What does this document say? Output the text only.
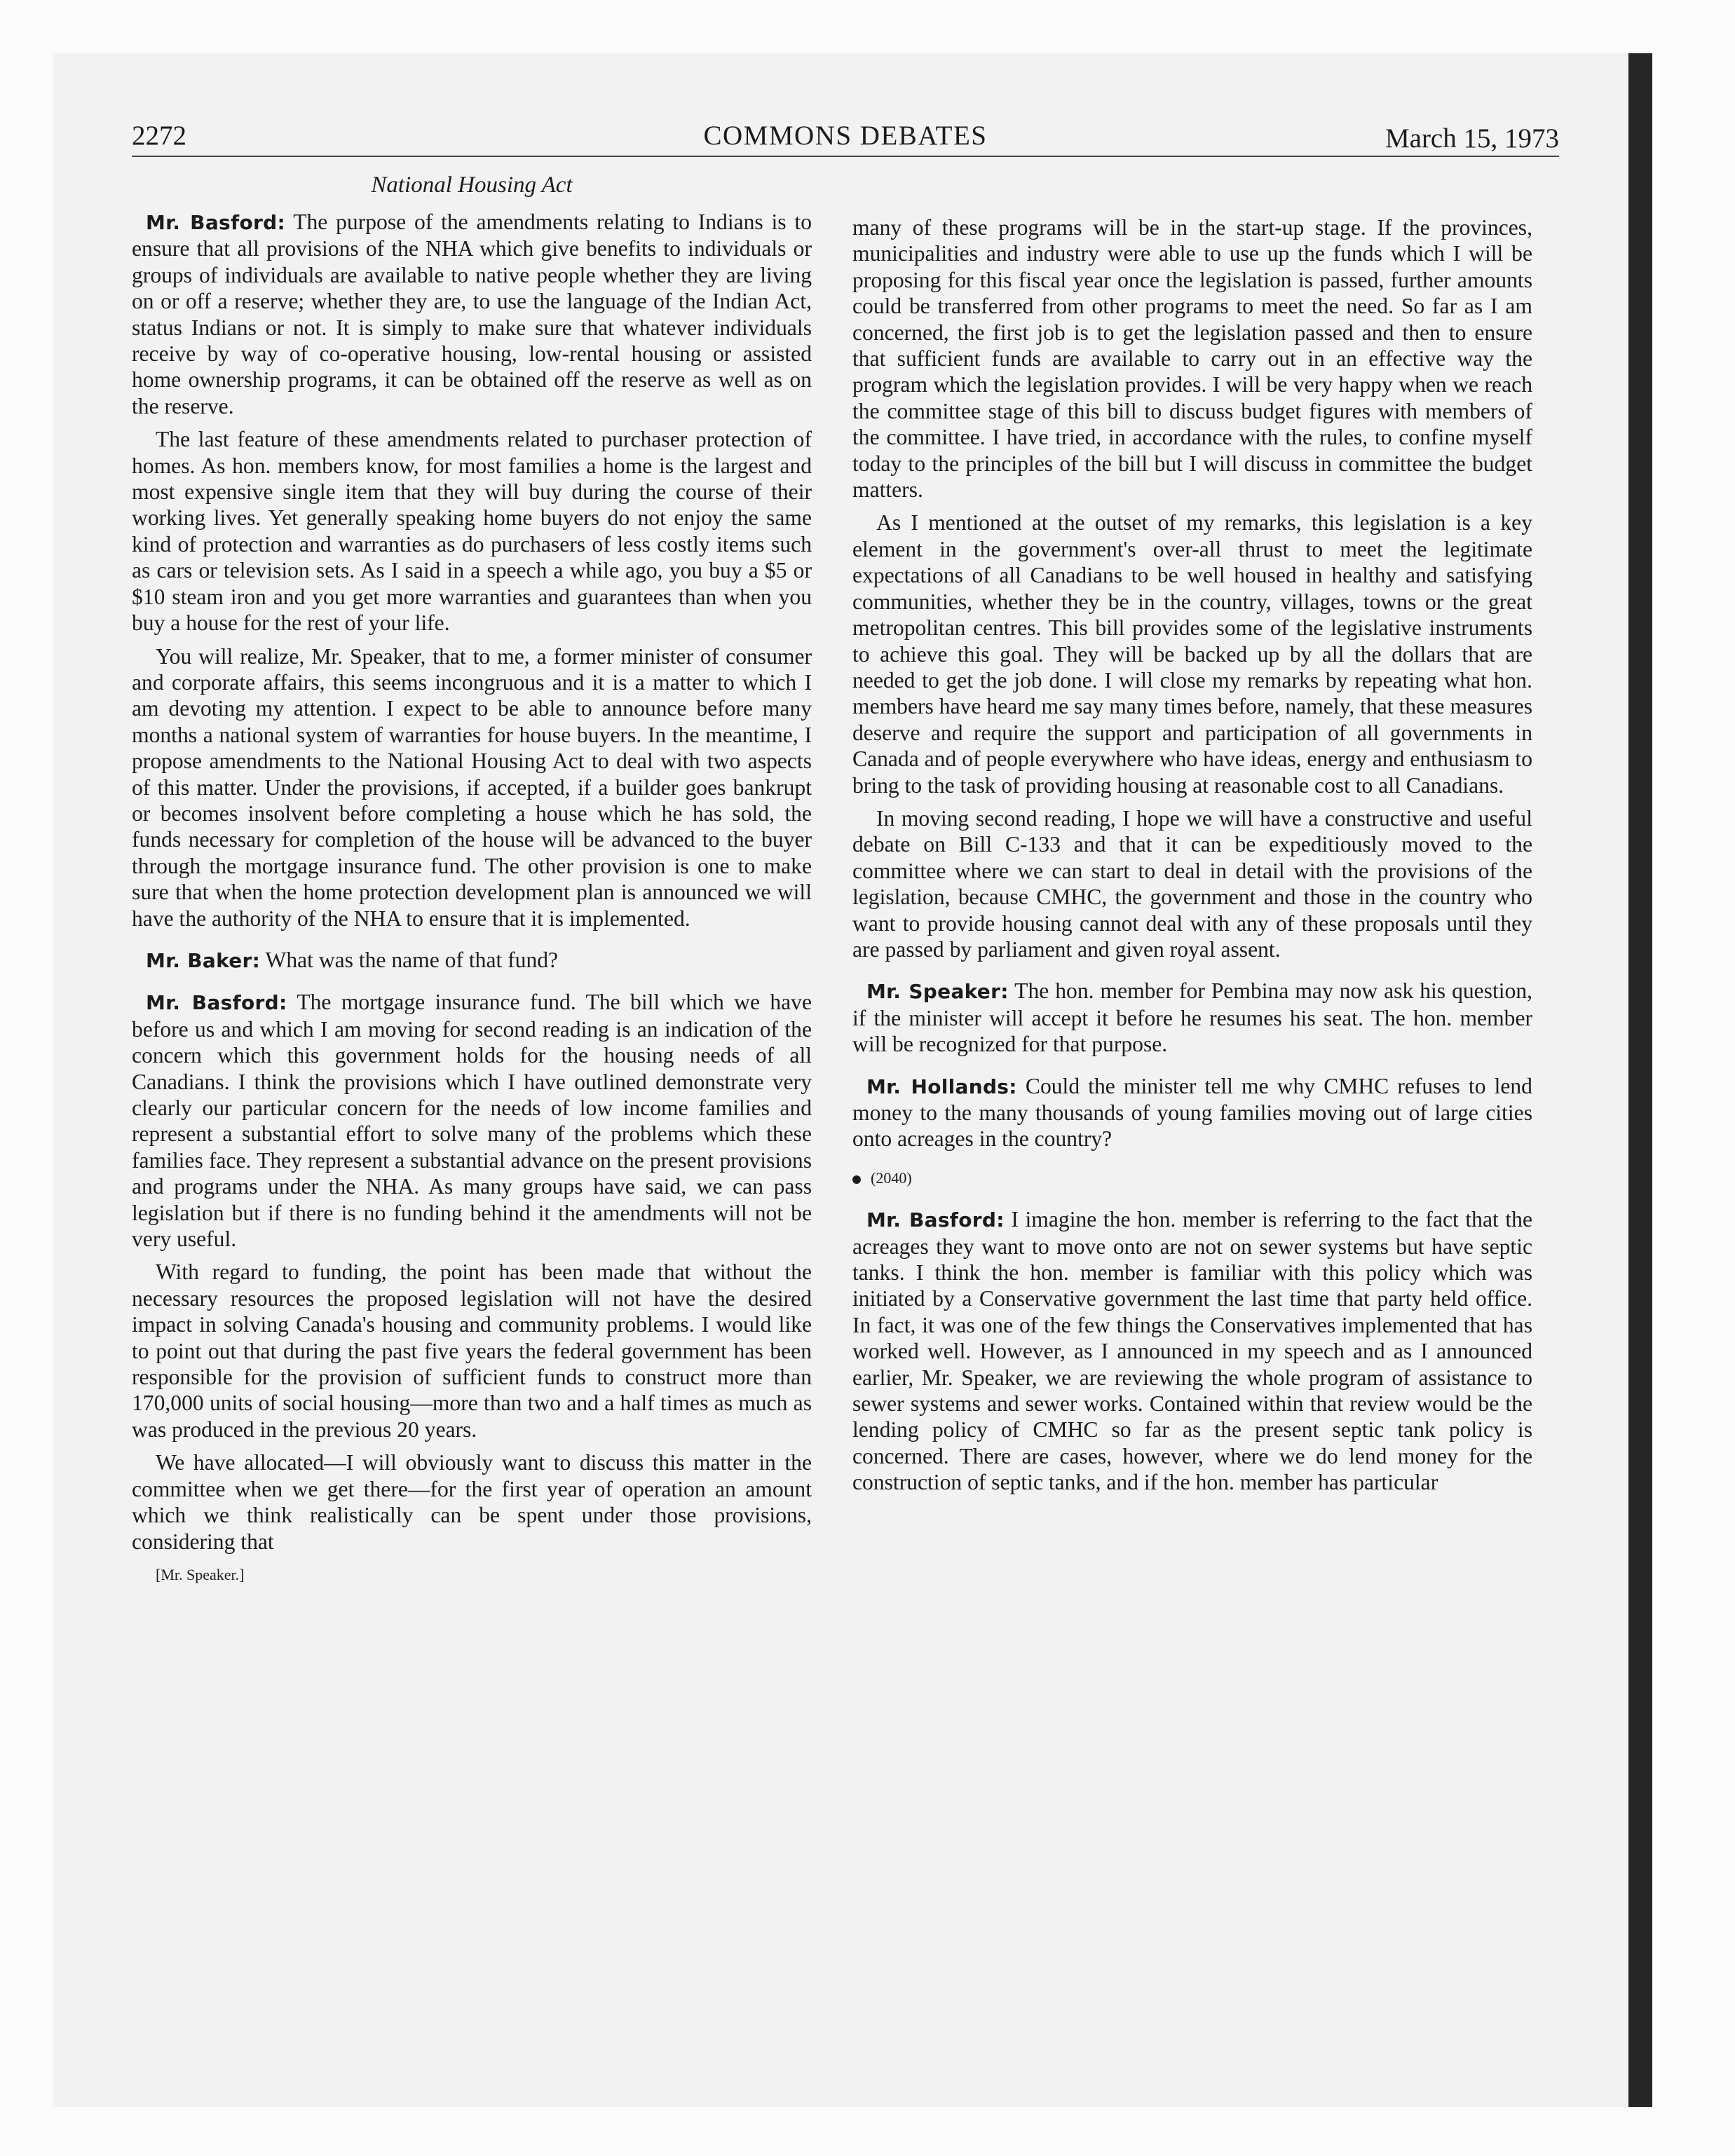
2272	COMMONS DEBATES	March 15, 1973
National Housing Act

Mr. Basford: The purpose of the amendments relating to Indians is to ensure that all provisions of the NHA which give benefits to individuals or groups of individuals are available to native people whether they are living on or off a reserve; whether they are, to use the language of the Indian Act, status Indians or not. It is simply to make sure that whatever individuals receive by way of co-operative housing, low-rental housing or assisted home ownership programs, it can be obtained off the reserve as well as on the reserve.

The last feature of these amendments related to purchaser protection of homes. As hon. members know, for most families a home is the largest and most expensive single item that they will buy during the course of their working lives. Yet generally speaking home buyers do not enjoy the same kind of protection and warranties as do purchasers of less costly items such as cars or television sets. As I said in a speech a while ago, you buy a $5 or $10 steam iron and you get more warranties and guarantees than when you buy a house for the rest of your life.

You will realize, Mr. Speaker, that to me, a former minister of consumer and corporate affairs, this seems incongruous and it is a matter to which I am devoting my attention. I expect to be able to announce before many months a national system of warranties for house buyers. In the meantime, I propose amendments to the National Housing Act to deal with two aspects of this matter. Under the provisions, if accepted, if a builder goes bankrupt or becomes insolvent before completing a house which he has sold, the funds necessary for completion of the house will be advanced to the buyer through the mortgage insurance fund. The other provision is one to make sure that when the home protection development plan is announced we will have the authority of the NHA to ensure that it is implemented.

Mr. Baker: What was the name of that fund?

Mr. Basford: The mortgage insurance fund. The bill which we have before us and which I am moving for second reading is an indication of the concern which this government holds for the housing needs of all Canadians. I think the provisions which I have outlined demonstrate very clearly our particular concern for the needs of low income families and represent a substantial effort to solve many of the problems which these families face. They represent a substantial advance on the present provisions and programs under the NHA. As many groups have said, we can pass legislation but if there is no funding behind it the amendments will not be very useful.

With regard to funding, the point has been made that without the necessary resources the proposed legislation will not have the desired impact in solving Canada's housing and community problems. I would like to point out that during the past five years the federal government has been responsible for the provision of sufficient funds to construct more than 170,000 units of social housing—more than two and a half times as much as was produced in the previous 20 years.

We have allocated—I will obviously want to discuss this matter in the committee when we get there—for the first year of operation an amount which we think realistically can be spent under those provisions, considering that

[Mr. Speaker.]

many of these programs will be in the start-up stage. If the provinces, municipalities and industry were able to use up the funds which I will be proposing for this fiscal year once the legislation is passed, further amounts could be transferred from other programs to meet the need. So far as I am concerned, the first job is to get the legislation passed and then to ensure that sufficient funds are available to carry out in an effective way the program which the legislation provides. I will be very happy when we reach the committee stage of this bill to discuss budget figures with members of the committee. I have tried, in accordance with the rules, to confine myself today to the principles of the bill but I will discuss in committee the budget matters.

As I mentioned at the outset of my remarks, this legislation is a key element in the government's over-all thrust to meet the legitimate expectations of all Canadians to be well housed in healthy and satisfying communities, whether they be in the country, villages, towns or the great metropolitan centres. This bill provides some of the legislative instruments to achieve this goal. They will be backed up by all the dollars that are needed to get the job done. I will close my remarks by repeating what hon. members have heard me say many times before, namely, that these measures deserve and require the support and participation of all governments in Canada and of people everywhere who have ideas, energy and enthusiasm to bring to the task of providing housing at reasonable cost to all Canadians.

In moving second reading, I hope we will have a constructive and useful debate on Bill C-133 and that it can be expeditiously moved to the committee where we can start to deal in detail with the provisions of the legislation, because CMHC, the government and those in the country who want to provide housing cannot deal with any of these proposals until they are passed by parliament and given royal assent.

Mr. Speaker: The hon. member for Pembina may now ask his question, if the minister will accept it before he resumes his seat. The hon. member will be recognized for that purpose.

Mr. Hollands: Could the minister tell me why CMHC refuses to lend money to the many thousands of young families moving out of large cities onto acreages in the country?

(2040)

Mr. Basford: I imagine the hon. member is referring to the fact that the acreages they want to move onto are not on sewer systems but have septic tanks. I think the hon. member is familiar with this policy which was initiated by a Conservative government the last time that party held office. In fact, it was one of the few things the Conservatives implemented that has worked well. However, as I announced in my speech and as I announced earlier, Mr. Speaker, we are reviewing the whole program of assistance to sewer systems and sewer works. Contained within that review would be the lending policy of CMHC so far as the present septic tank policy is concerned. There are cases, however, where we do lend money for the construction of septic tanks, and if the hon. member has particular
